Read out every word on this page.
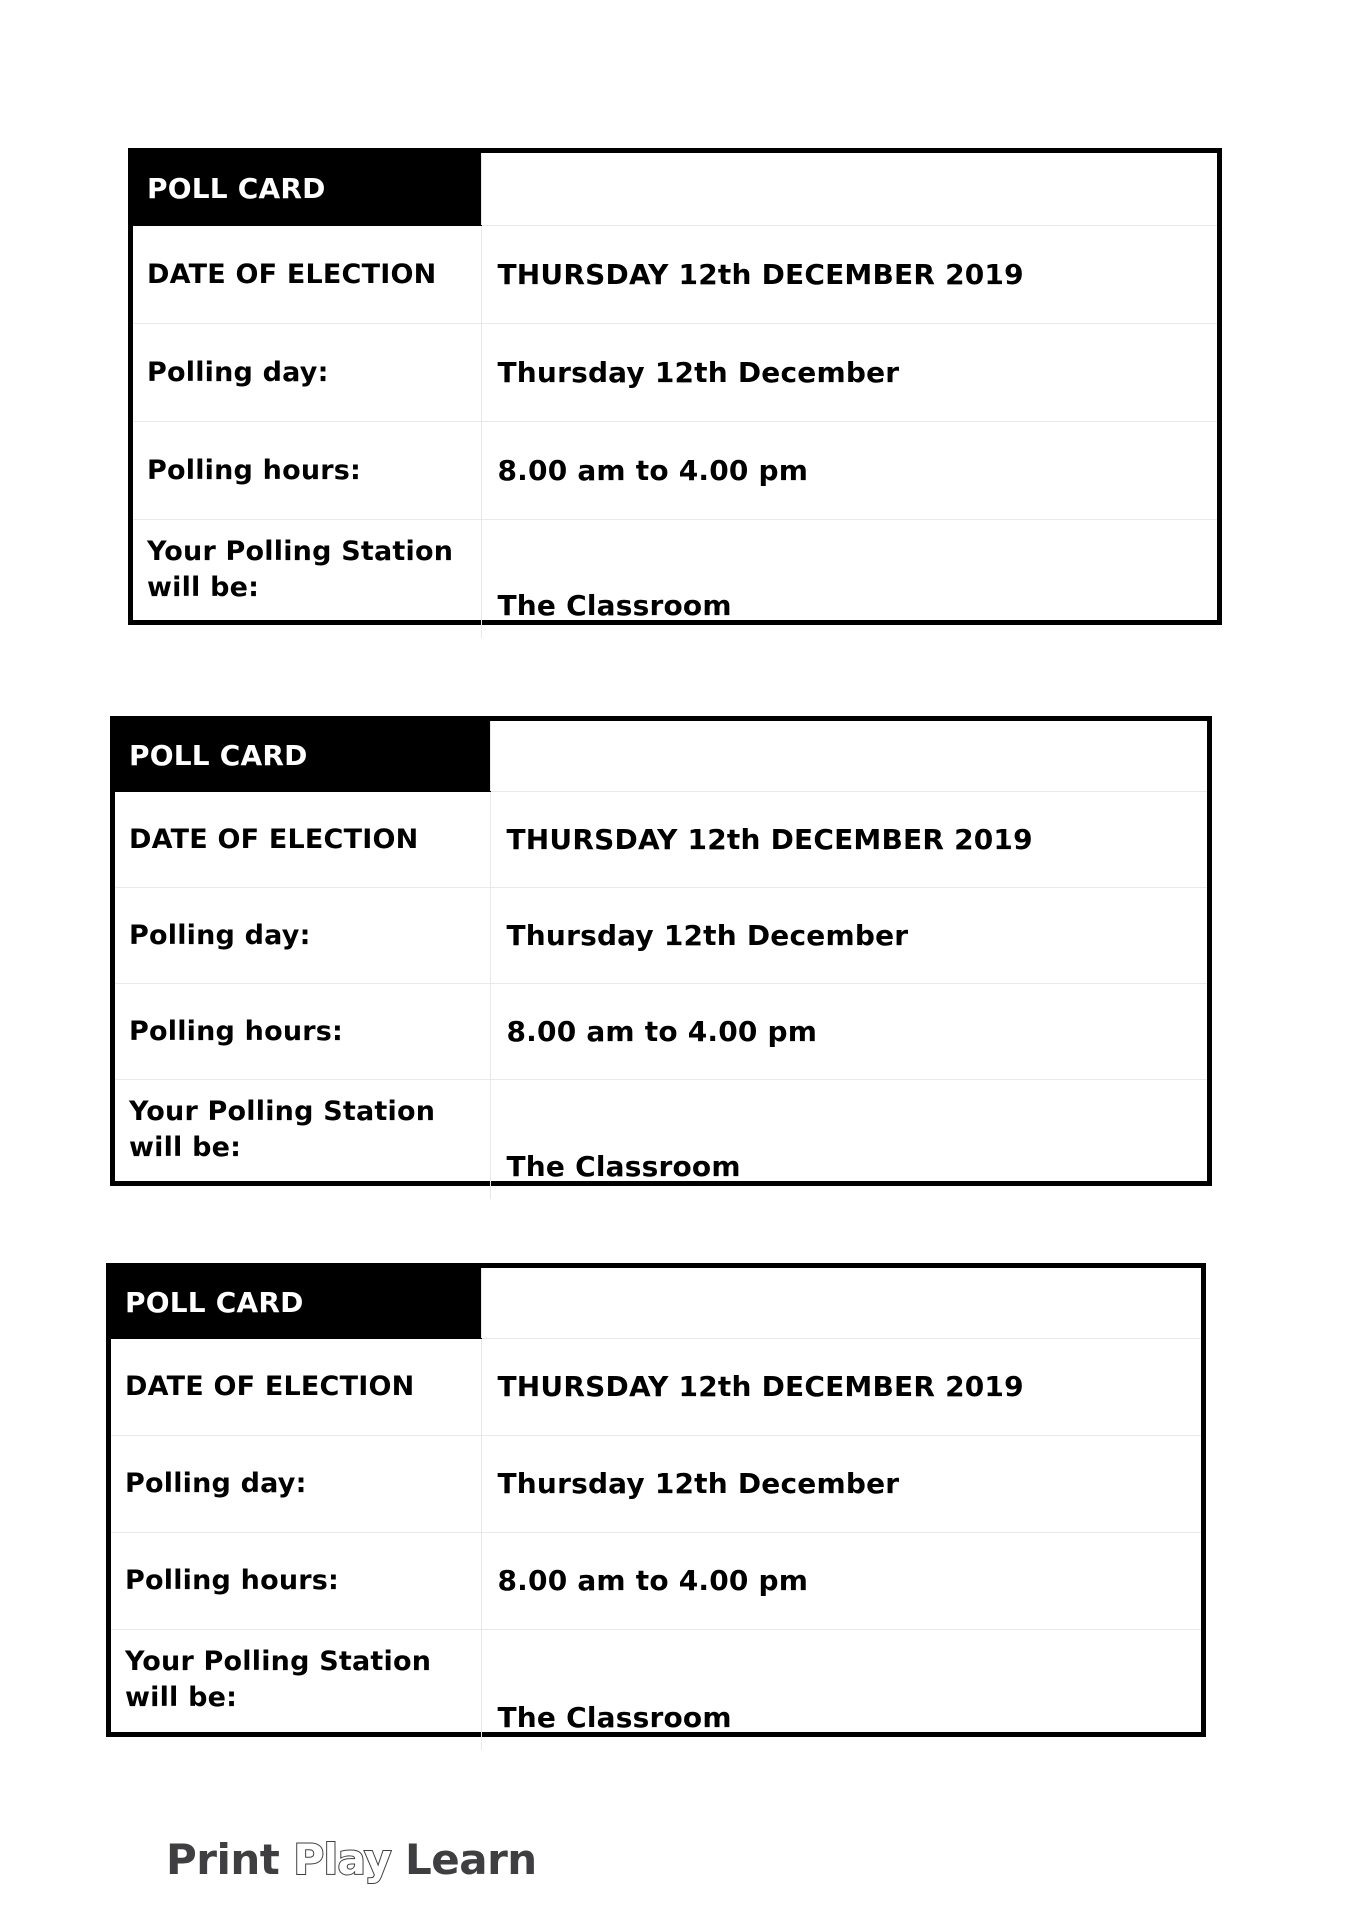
POLL CARD	
DATE OF ELECTION	THURSDAY 12th DECEMBER 2019
Polling day:	Thursday 12th December
Polling hours:	8.00 am to 4.00 pm

Your Polling Station
will be:	The Classroom
POLL CARD	
DATE OF ELECTION	THURSDAY 12th DECEMBER 2019
Polling day:	Thursday 12th December
Polling hours:	8.00 am to 4.00 pm

Your Polling Station
will be:	The Classroom
POLL CARD	
DATE OF ELECTION	THURSDAY 12th DECEMBER 2019
Polling day:	Thursday 12th December
Polling hours:	8.00 am to 4.00 pm

Your Polling Station
will be:	The Classroom
Print Play Learn
